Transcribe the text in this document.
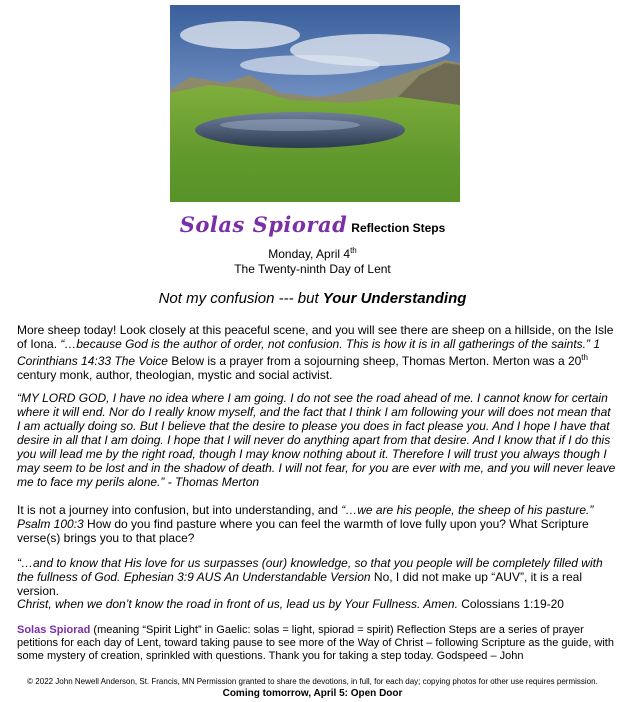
Solas Spiorad Reflection Steps
Monday, April 4th
The Twenty-ninth Day of Lent
Not my confusion --- but Your Understanding

More sheep today! Look closely at this peaceful scene, and you will see there are sheep on a hillside, on the Isle of Iona. “…because God is the author of order, not confusion. This is how it is in all gatherings of the saints.” 1 Corinthians 14:33 The Voice Below is a prayer from a sojourning sheep, Thomas Merton. Merton was a 20th century monk, author, theologian, mystic and social activist.

“MY LORD GOD, I have no idea where I am going. I do not see the road ahead of me. I cannot know for certain where it will end. Nor do I really know myself, and the fact that I think I am following your will does not mean that I am actually doing so. But I believe that the desire to please you does in fact please you. And I hope I have that desire in all that I am doing. I hope that I will never do anything apart from that desire. And I know that if I do this you will lead me by the right road, though I may know nothing about it. Therefore I will trust you always though I may seem to be lost and in the shadow of death. I will not fear, for you are ever with me, and you will never leave me to face my perils alone.” - Thomas Merton

It is not a journey into confusion, but into understanding, and “…we are his people, the sheep of his pasture.” Psalm 100:3 How do you find pasture where you can feel the warmth of love fully upon you? What Scripture verse(s) brings you to that place?

“…and to know that His love for us surpasses (our) knowledge, so that you people will be completely filled with the fullness of God. Ephesian 3:9 AUS An Understandable Version No, I did not make up “AUV”, it is a real version.

Christ, when we don’t know the road in front of us, lead us by Your Fullness. Amen. Colossians 1:19-20

Solas Spiorad (meaning “Spirit Light” in Gaelic: solas = light, spiorad = spirit) Reflection Steps are a series of prayer petitions for each day of Lent, toward taking pause to see more of the Way of Christ – following Scripture as the guide, with some mystery of creation, sprinkled with questions. Thank you for taking a step today. Godspeed – John

© 2022 John Newell Anderson, St. Francis, MN Permission granted to share the devotions, in full, for each day; copying photos for other use requires permission.
Coming tomorrow, April 5: Open Door
